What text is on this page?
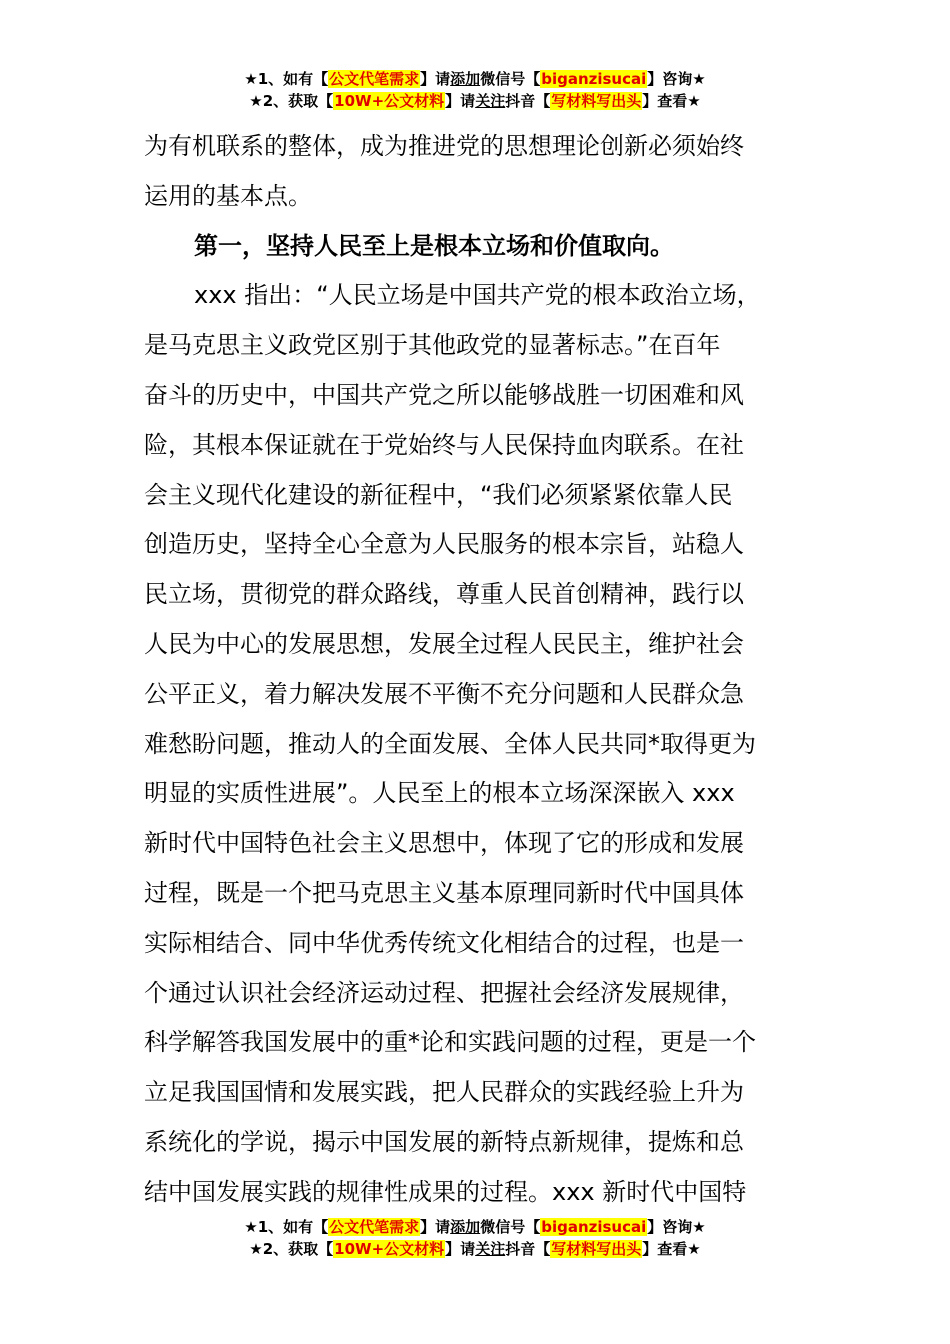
★1、如有【公文代笔需求】请添加微信号【biganzisucai】咨询★
★2、获取【10W+公文材料】请关注抖音【写材料写出头】查看★
为有机联系的整体，成为推进党的思想理论创新必须始终
运用的基本点。
第一，坚持人民至上是根本立场和价值取向。
xxx 指出：“人民立场是中国共产党的根本政治立场，
是马克思主义政党区别于其他政党的显著标志。”在百年
奋斗的历史中，中国共产党之所以能够战胜一切困难和风
险，其根本保证就在于党始终与人民保持血肉联系。在社
会主义现代化建设的新征程中，“我们必须紧紧依靠人民
创造历史，坚持全心全意为人民服务的根本宗旨，站稳人
民立场，贯彻党的群众路线，尊重人民首创精神，践行以
人民为中心的发展思想，发展全过程人民民主，维护社会
公平正义，着力解决发展不平衡不充分问题和人民群众急
难愁盼问题，推动人的全面发展、全体人民共同*取得更为
明显的实质性进展”。人民至上的根本立场深深嵌入 xxx
新时代中国特色社会主义思想中，体现了它的形成和发展
过程，既是一个把马克思主义基本原理同新时代中国具体
实际相结合、同中华优秀传统文化相结合的过程，也是一
个通过认识社会经济运动过程、把握社会经济发展规律，
科学解答我国发展中的重*论和实践问题的过程，更是一个
立足我国国情和发展实践，把人民群众的实践经验上升为
系统化的学说，揭示中国发展的新特点新规律，提炼和总
结中国发展实践的规律性成果的过程。xxx 新时代中国特
★1、如有【公文代笔需求】请添加微信号【biganzisucai】咨询★
★2、获取【10W+公文材料】请关注抖音【写材料写出头】查看★
